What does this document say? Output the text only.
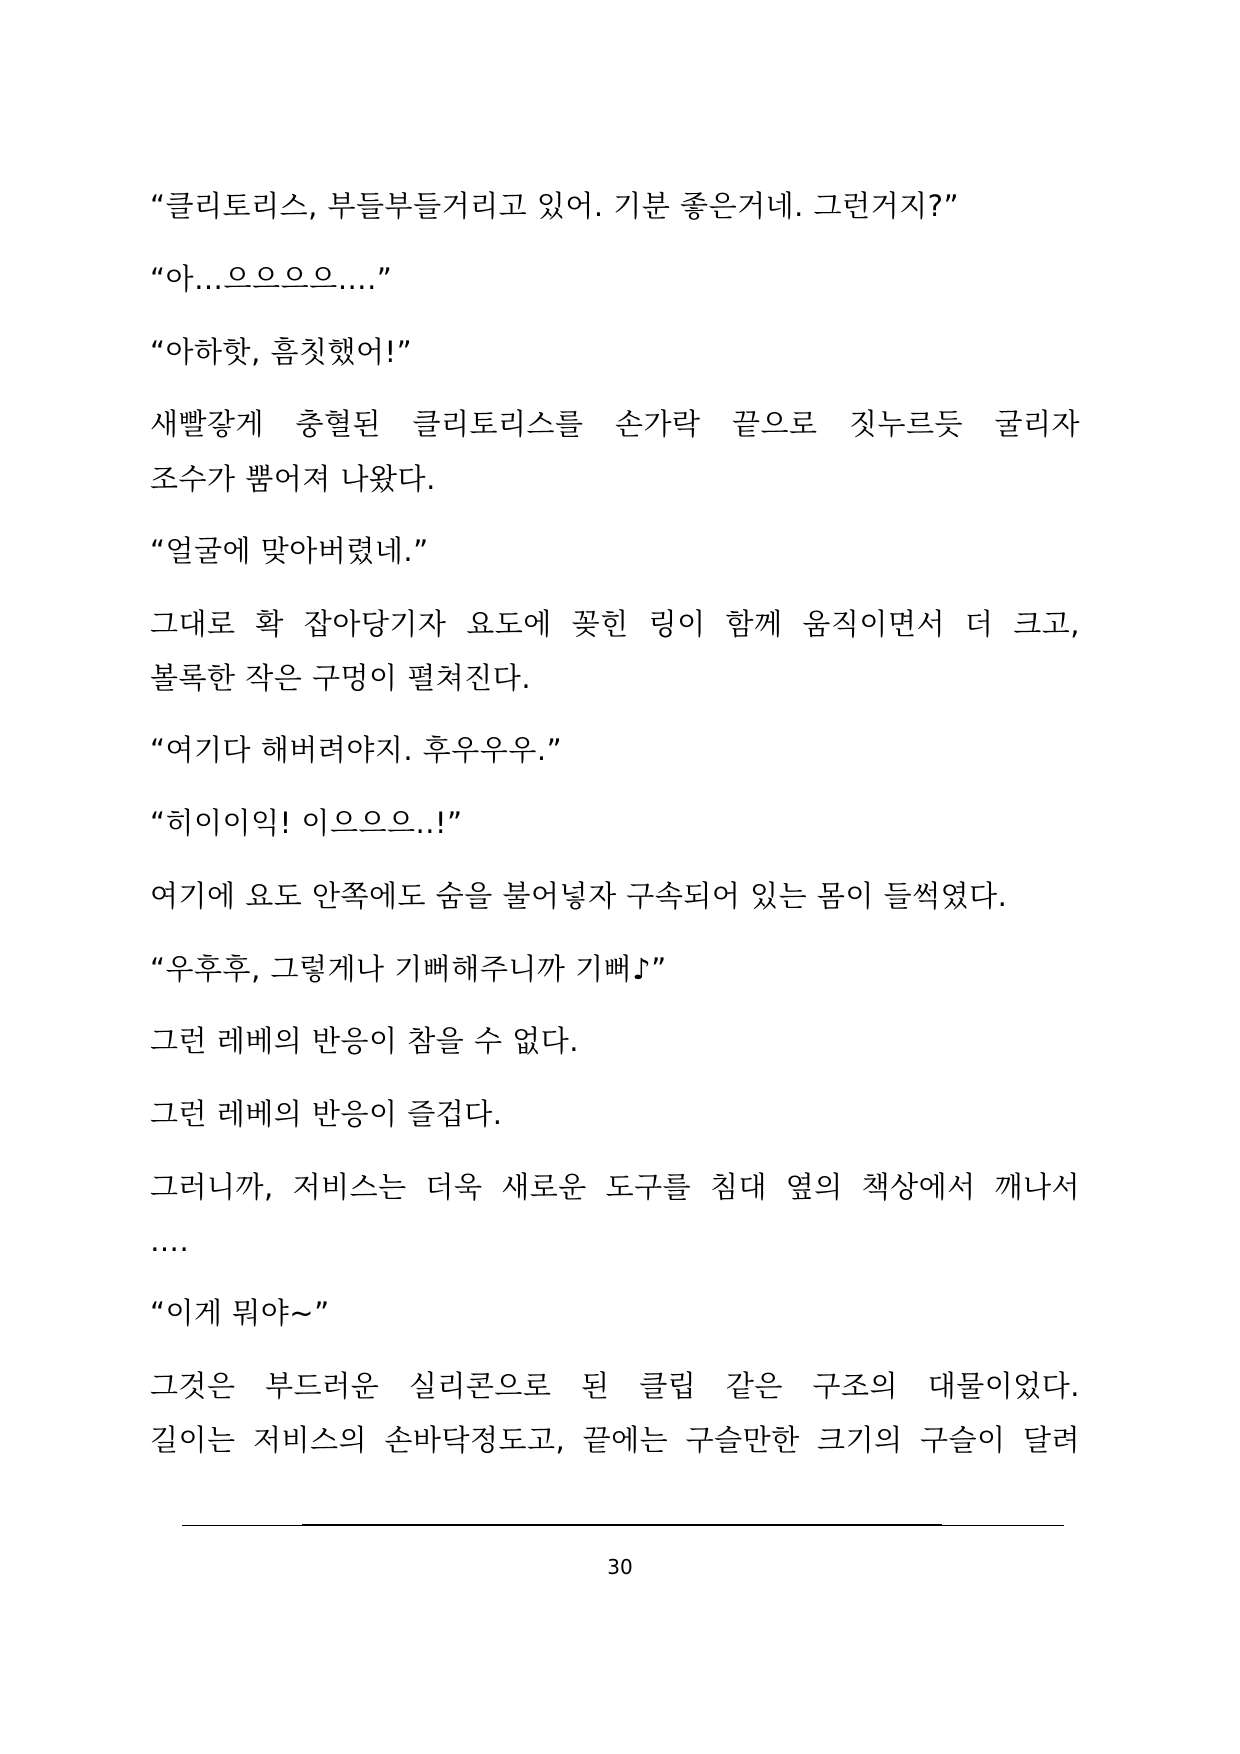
“클리토리스, 부들부들거리고 있어. 기분 좋은거네. 그런거지?”

“아…으으으으….”

“아하핫, 흠칫했어!”

새빨갛게 충혈된 클리토리스를 손가락 끝으로 짓누르듯 굴리자

조수가 뿜어져 나왔다.

“얼굴에 맞아버렸네.”

그대로 확 잡아당기자 요도에 꽂힌 링이 함께 움직이면서 더 크고,

볼록한 작은 구멍이 펼쳐진다.

“여기다 해버려야지. 후우우우.”

“히이이익! 이으으으..!”

여기에 요도 안쪽에도 숨을 불어넣자 구속되어 있는 몸이 들썩였다.

“우후후, 그렇게나 기뻐해주니까 기뻐♪”

그런 레베의 반응이 참을 수 없다.

그런 레베의 반응이 즐겁다.

그러니까, 저비스는 더욱 새로운 도구를 침대 옆의 책상에서 깨나서

….

“이게 뭐야~”

그것은 부드러운 실리콘으로 된 클립 같은 구조의 대물이었다.

길이는 저비스의 손바닥정도고, 끝에는 구슬만한 크기의 구슬이 달려

30
